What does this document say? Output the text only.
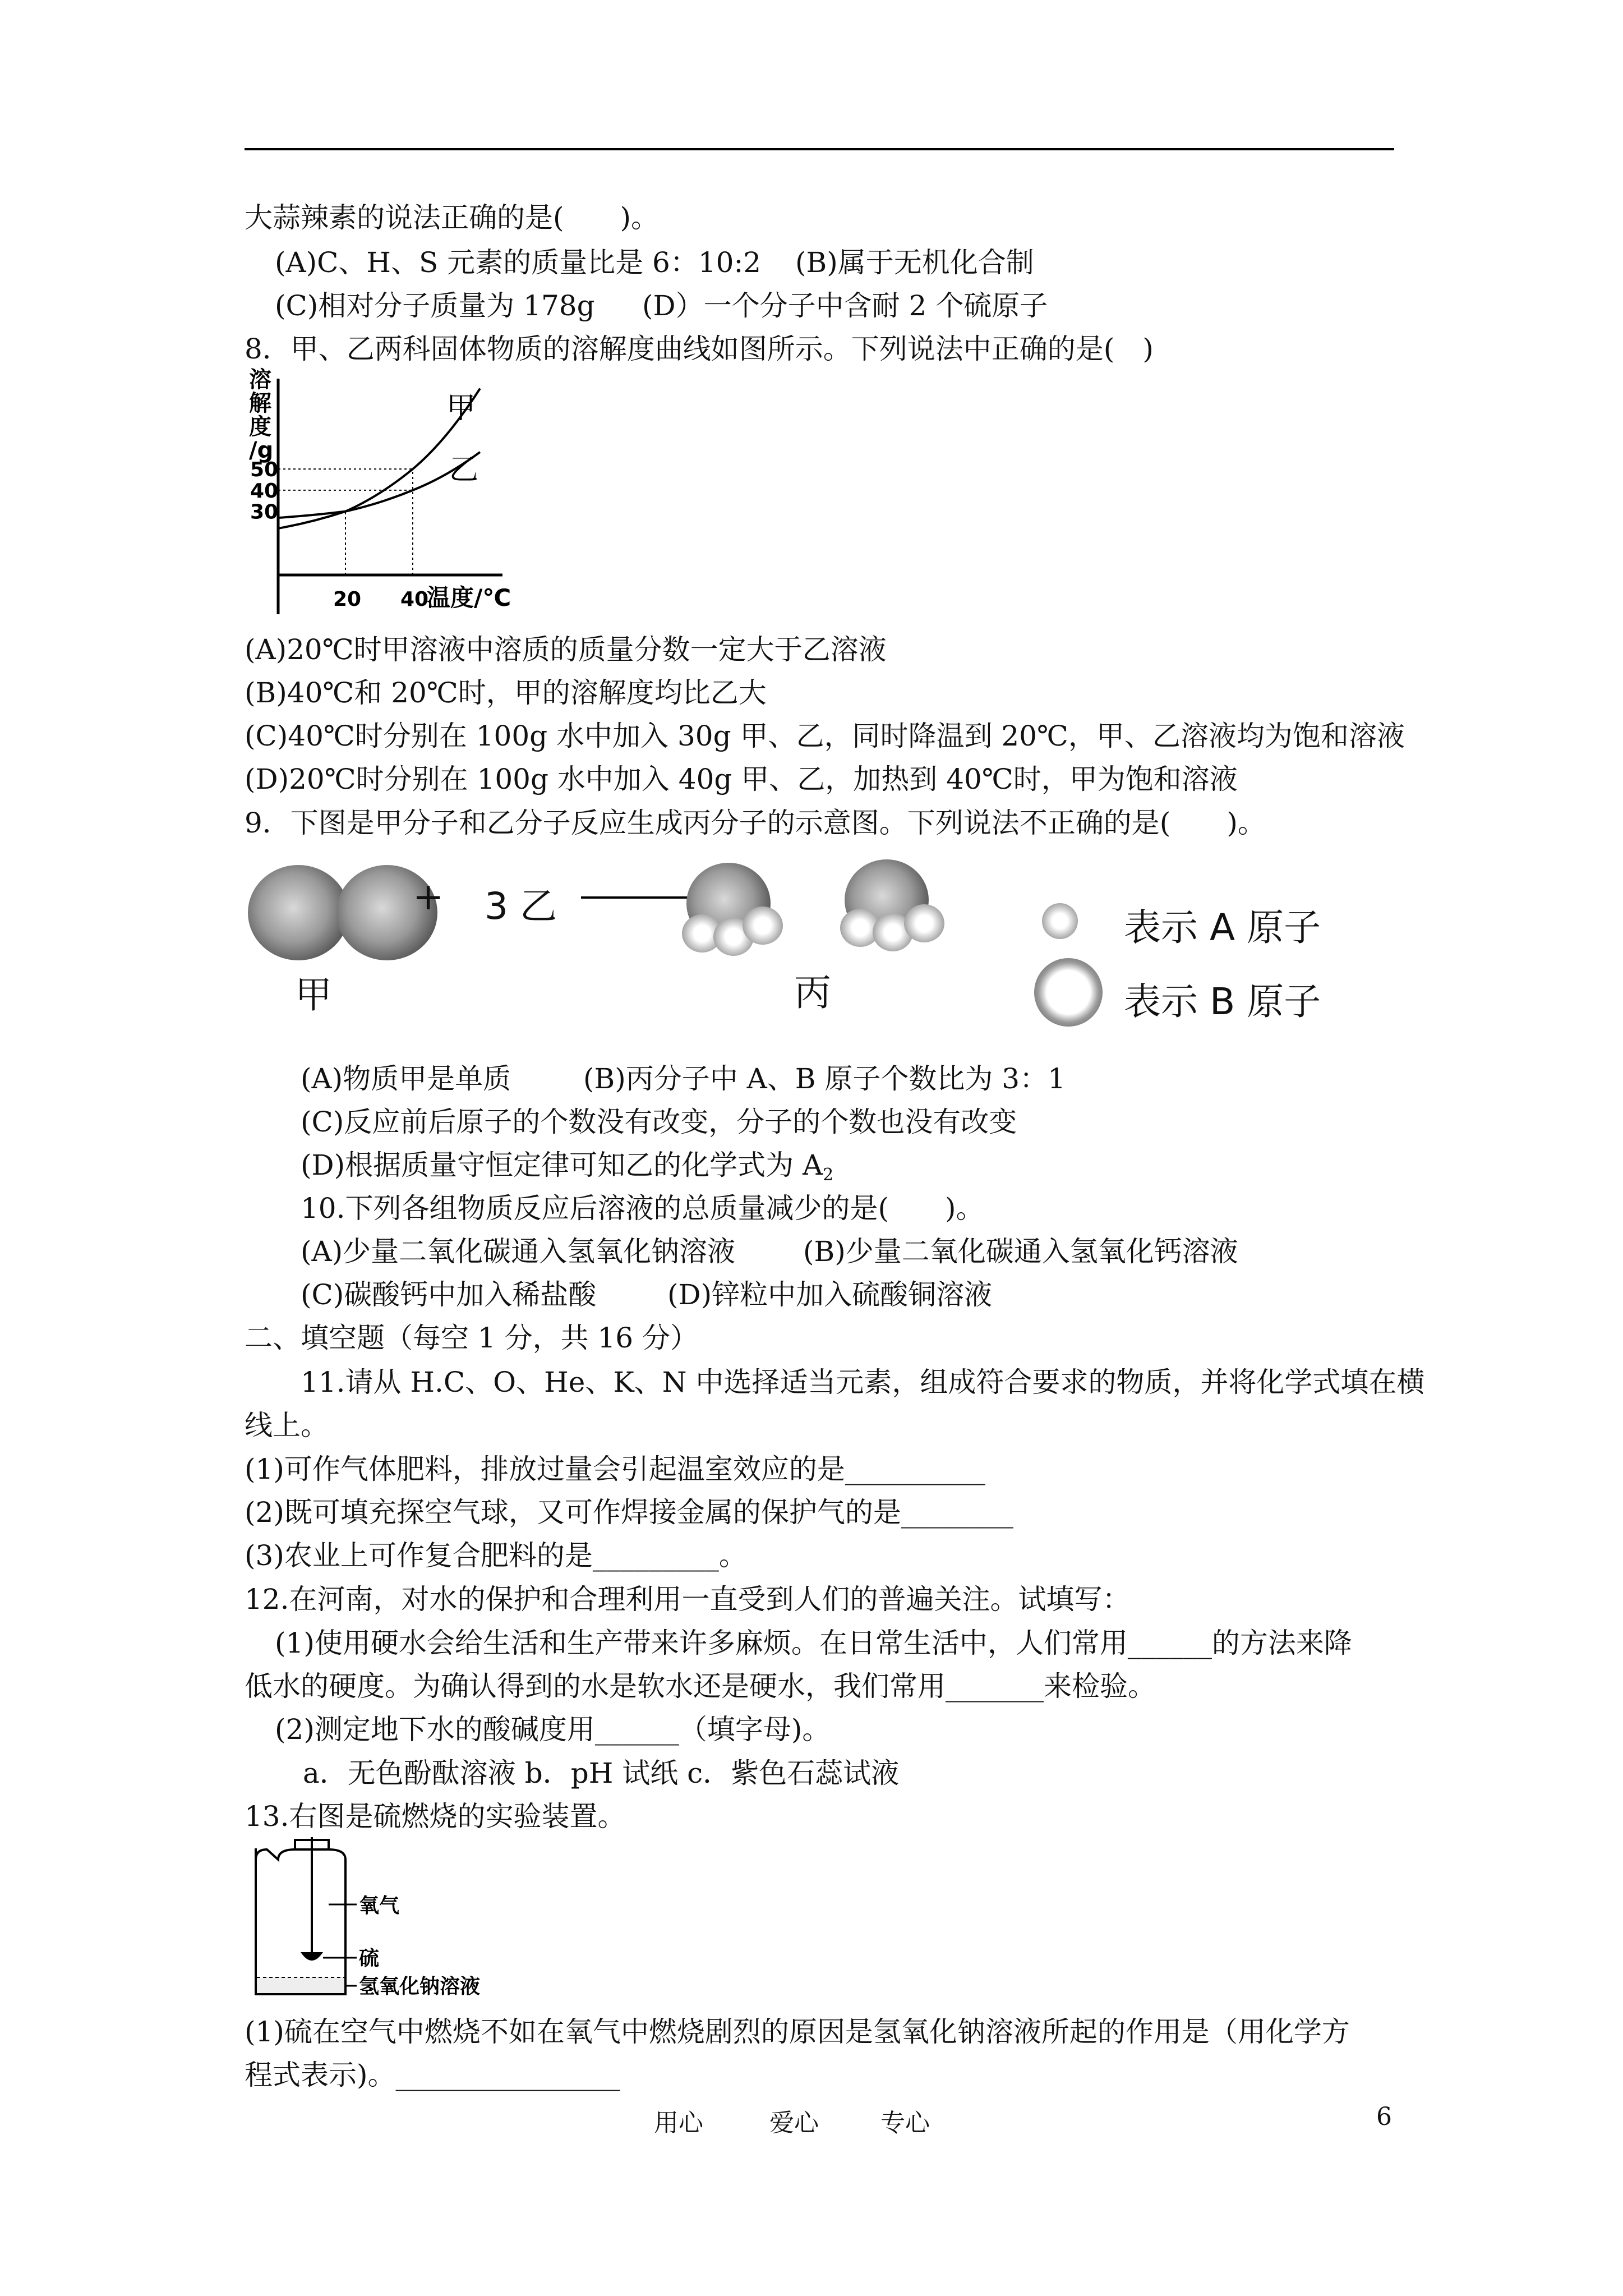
大蒜辣素的说法正确的是(　　)。
(A)C、H、S 元素的质量比是 6：10:2 (B)属于无机化合制
(C)相对分子质量为 178g (D）一个分子中含耐 2 个硫原子
8．甲、乙两科固体物质的溶解度曲线如图所示。下列说法中正确的是(　)
30
40
50
20 40
溶
解
度
/g
温度/℃
甲
乙
(A)20℃时甲溶液中溶质的质量分数一定大于乙溶液
(B)40℃和 20℃时，甲的溶解度均比乙大
(C)40℃时分别在 100g 水中加入 30g 甲、乙，同时降温到 20℃，甲、乙溶液均为饱和溶液
(D)20℃时分别在 100g 水中加入 40g 甲、乙，加热到 40℃时，甲为饱和溶液
9．下图是甲分子和乙分子反应生成丙分子的示意图。下列说法不正确的是(　　)。
+ 3 乙
甲	丙
表示 A 原子
表示 B 原子
(A)物质甲是单质	(B)丙分子中 A、B 原子个数比为 3：1
(C)反应前后原子的个数没有改变，分子的个数也没有改变
(D)根据质量守恒定律可知乙的化学式为 $A_2$
10.下列各组物质反应后溶液的总质量减少的是(　　)。
(A)少量二氧化碳通入氢氧化钠溶液 (B)少量二氧化碳通入氢氧化钙溶液
(C)碳酸钙中加入稀盐酸	(D)锌粒中加入硫酸铜溶液
二、填空题（每空 1 分，共 16 分）
11.请从 H.C、O、He、K、N 中选择适当元素，组成符合要求的物质，并将化学式填在横
线上。
(1)可作气体肥料，排放过量会引起温室效应的是__________
(2)既可填充探空气球，又可作焊接金属的保护气的是________
(3)农业上可作复合肥料的是_________。
12.在河南，对水的保护和合理利用一直受到人们的普遍关注。试填写：
(1)使用硬水会给生活和生产带来许多麻烦。在日常生活中，人们常用______的方法来降
低水的硬度。为确认得到的水是软水还是硬水，我们常用_______来检验。
(2)测定地下水的酸碱度用______（填字母)。
a．无色酚酞溶液 b．pH 试纸 c．紫色石蕊试液
13.右图是硫燃烧的实验装置。
氧气
硫
氢氧化钠溶液
(1)硫在空气中燃烧不如在氧气中燃烧剧烈的原因是氢氧化钠溶液所起的作用是（用化学方
程式表示)。________________
用心	爱心	专心	6
